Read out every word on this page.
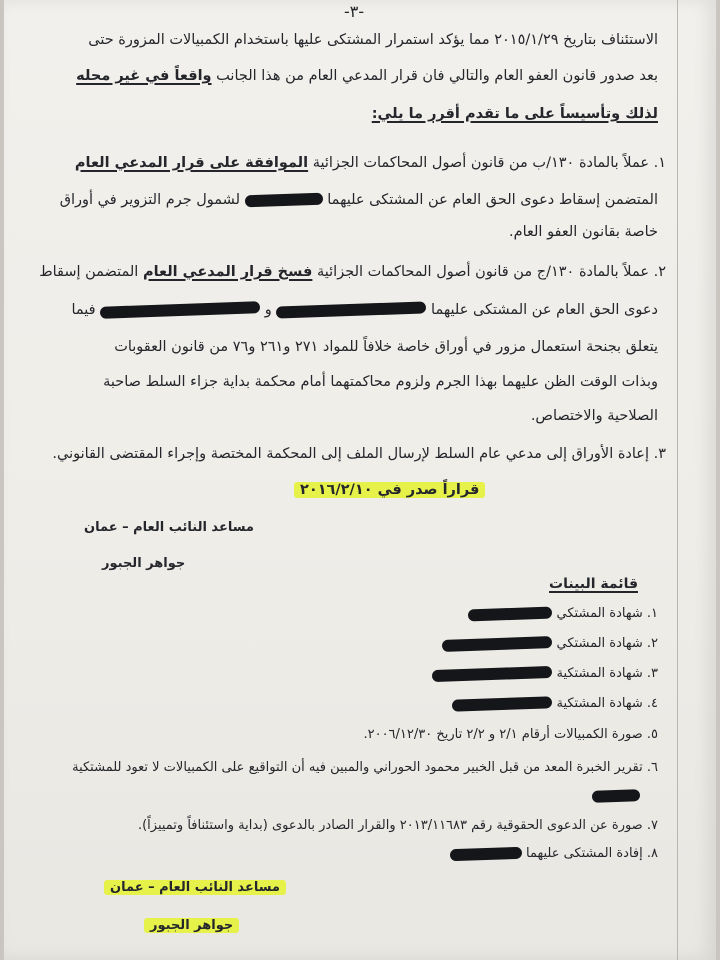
-٣-
الاستئناف بتاريخ ٢٠١٥/١/٢٩ مما يؤكد استمرار المشتكى عليها باستخدام الكمبيالات المزورة حتى
بعد صدور قانون العفو العام والتالي فان قرار المدعي العام من هذا الجانب واقعاً في غير محله
لذلك وتأسيساً على ما تقدم أقرر ما يلي:
١. عملاً بالمادة ١٣٠/ب من قانون أصول المحاكمات الجزائية الموافقة على قرار المدعي العام
المتضمن إسقاط دعوى الحق العام عن المشتكى عليهما  لشمول جرم التزوير في أوراق
خاصة بقانون العفو العام.
٢. عملاً بالمادة ١٣٠/ج من قانون أصول المحاكمات الجزائية فسخ قرار المدعي العام المتضمن إسقاط
دعوى الحق العام عن المشتكى عليهما  و  فيما
يتعلق بجنحة استعمال مزور في أوراق خاصة خلافاً للمواد ٢٧١ و٢٦١ و٧٦ من قانون العقوبات
وبذات الوقت الظن عليهما بهذا الجرم ولزوم محاكمتهما أمام محكمة بداية جزاء السلط صاحبة
الصلاحية والاختصاص.
٣. إعادة الأوراق إلى مدعي عام السلط لإرسال الملف إلى المحكمة المختصة وإجراء المقتضى القانوني.
قراراً صدر في ٢٠١٦/٢/١٠
مساعد النائب العام – عمان
جواهر الجبور
قائمة البينات
١. شهادة المشتكي
٢. شهادة المشتكي
٣. شهادة المشتكية
٤. شهادة المشتكية
٥. صورة الكمبيالات أرقام ٢/١ و ٢/٢ تاريخ ٢٠٠٦/١٢/٣٠.
٦. تقرير الخبرة المعد من قبل الخبير محمود الحوراني والمبين فيه أن التواقيع على الكمبيالات لا تعود للمشتكية
٧. صورة عن الدعوى الحقوقية رقم ٢٠١٣/١١٦٨٣ والقرار الصادر بالدعوى (بداية واستئنافاً وتمييزاً).
٨. إفادة المشتكى عليهما
مساعد النائب العام – عمان
جواهر الجبور
